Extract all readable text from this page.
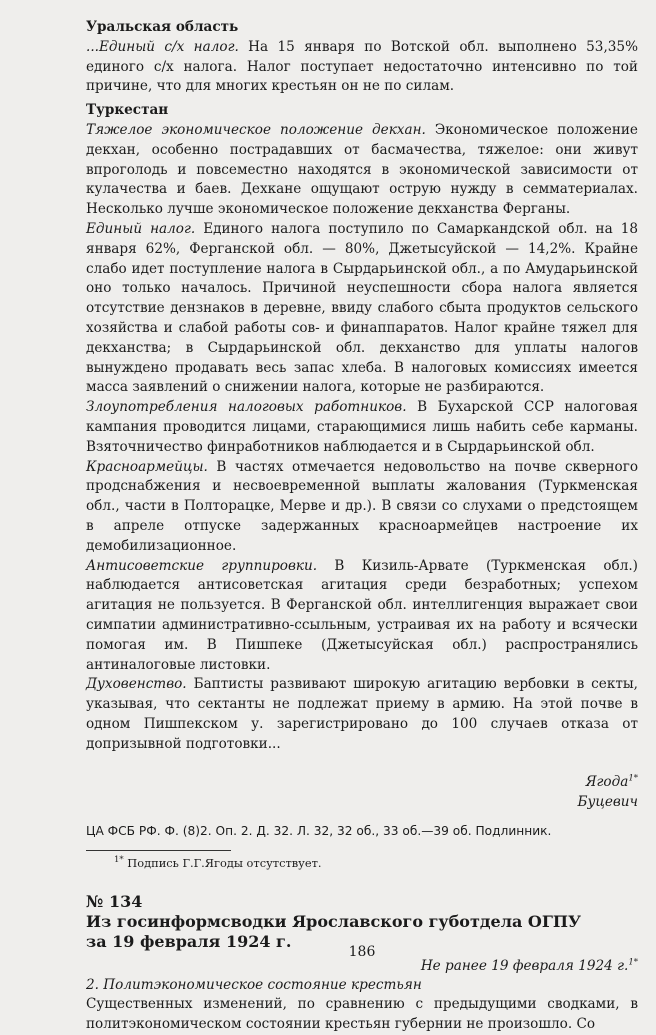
Уральская область

...Единый с/х налог. На 15 января по Вотской обл. выполнено 53,35% единого с/х налога. Налог поступает недостаточно интенсивно по той причине, что для многих крестьян он не по силам.

Туркестан

Тяжелое экономическое положение декхан. Экономическое положение декхан, особенно пострадавших от басмачества, тяжелое: они живут впроголодь и повсеместно находятся в экономической зависимости от кулачества и баев. Дехкане ощущают острую нужду в семматериалах. Несколько лучше экономическое положение декханства Ферганы.

Единый налог. Единого налога поступило по Самаркандской обл. на 18 января 62%, Ферганской обл. — 80%, Джетысуйской — 14,2%. Крайне слабо идет поступление налога в Сырдарьинской обл., а по Амударьинской оно только началось. Причиной неуспешности сбора налога является отсутствие дензнаков в деревне, ввиду слабого сбыта продуктов сельского хозяйства и слабой работы сов- и финаппаратов. Налог крайне тяжел для декханства; в Сырдарьинской обл. декханство для уплаты налогов вынуждено продавать весь запас хлеба. В налоговых комиссиях имеется масса заявлений о снижении налога, которые не разбираются.

Злоупотребления налоговых работников. В Бухарской ССР налоговая кампания проводится лицами, старающимися лишь набить себе карманы. Взяточничество финработников наблюдается и в Сырдарьинской обл.

Красноармейцы. В частях отмечается недовольство на почве скверного продснабжения и несвоевременной выплаты жалования (Туркменская обл., части в Полторацке, Мерве и др.). В связи со слухами о предстоящем в апреле отпуске задержанных красноармейцев настроение их демобилизационное.

Антисоветские группировки. В Кизиль-Арвате (Туркменская обл.) наблюдается антисоветская агитация среди безработных; успехом агитация не пользуется. В Ферганской обл. интеллигенция выражает свои симпатии административно-ссыльным, устраивая их на работу и всячески помогая им. В Пишпеке (Джетысуйская обл.) распространялись антиналоговые листовки.

Духовенство. Баптисты развивают широкую агитацию вербовки в секты, указывая, что сектанты не подлежат приему в армию. На этой почве в одном Пишпекском у. зарегистрировано до 100 случаев отказа от допризывной подготовки...

Ягода$^{1*}$

Буцевич

ЦА ФСБ РФ. Ф. (8)2. Оп. 2. Д. 32. Л. 32, 32 об., 33 об.—39 об. Подлинник.

$^{1*}$ Подпись Г.Г.Ягоды отсутствует.

№ 134

Из госинформсводки Ярославского губотдела ОГПУ

за 19 февраля 1924 г.

Не ранее 19 февраля 1924 г.$^{1*}$

2. Политэкономическое состояние крестьян

Существенных изменений, по сравнению с предыдущими сводками, в политэкономическом состоянии крестьян губернии не произошло. Со

186
